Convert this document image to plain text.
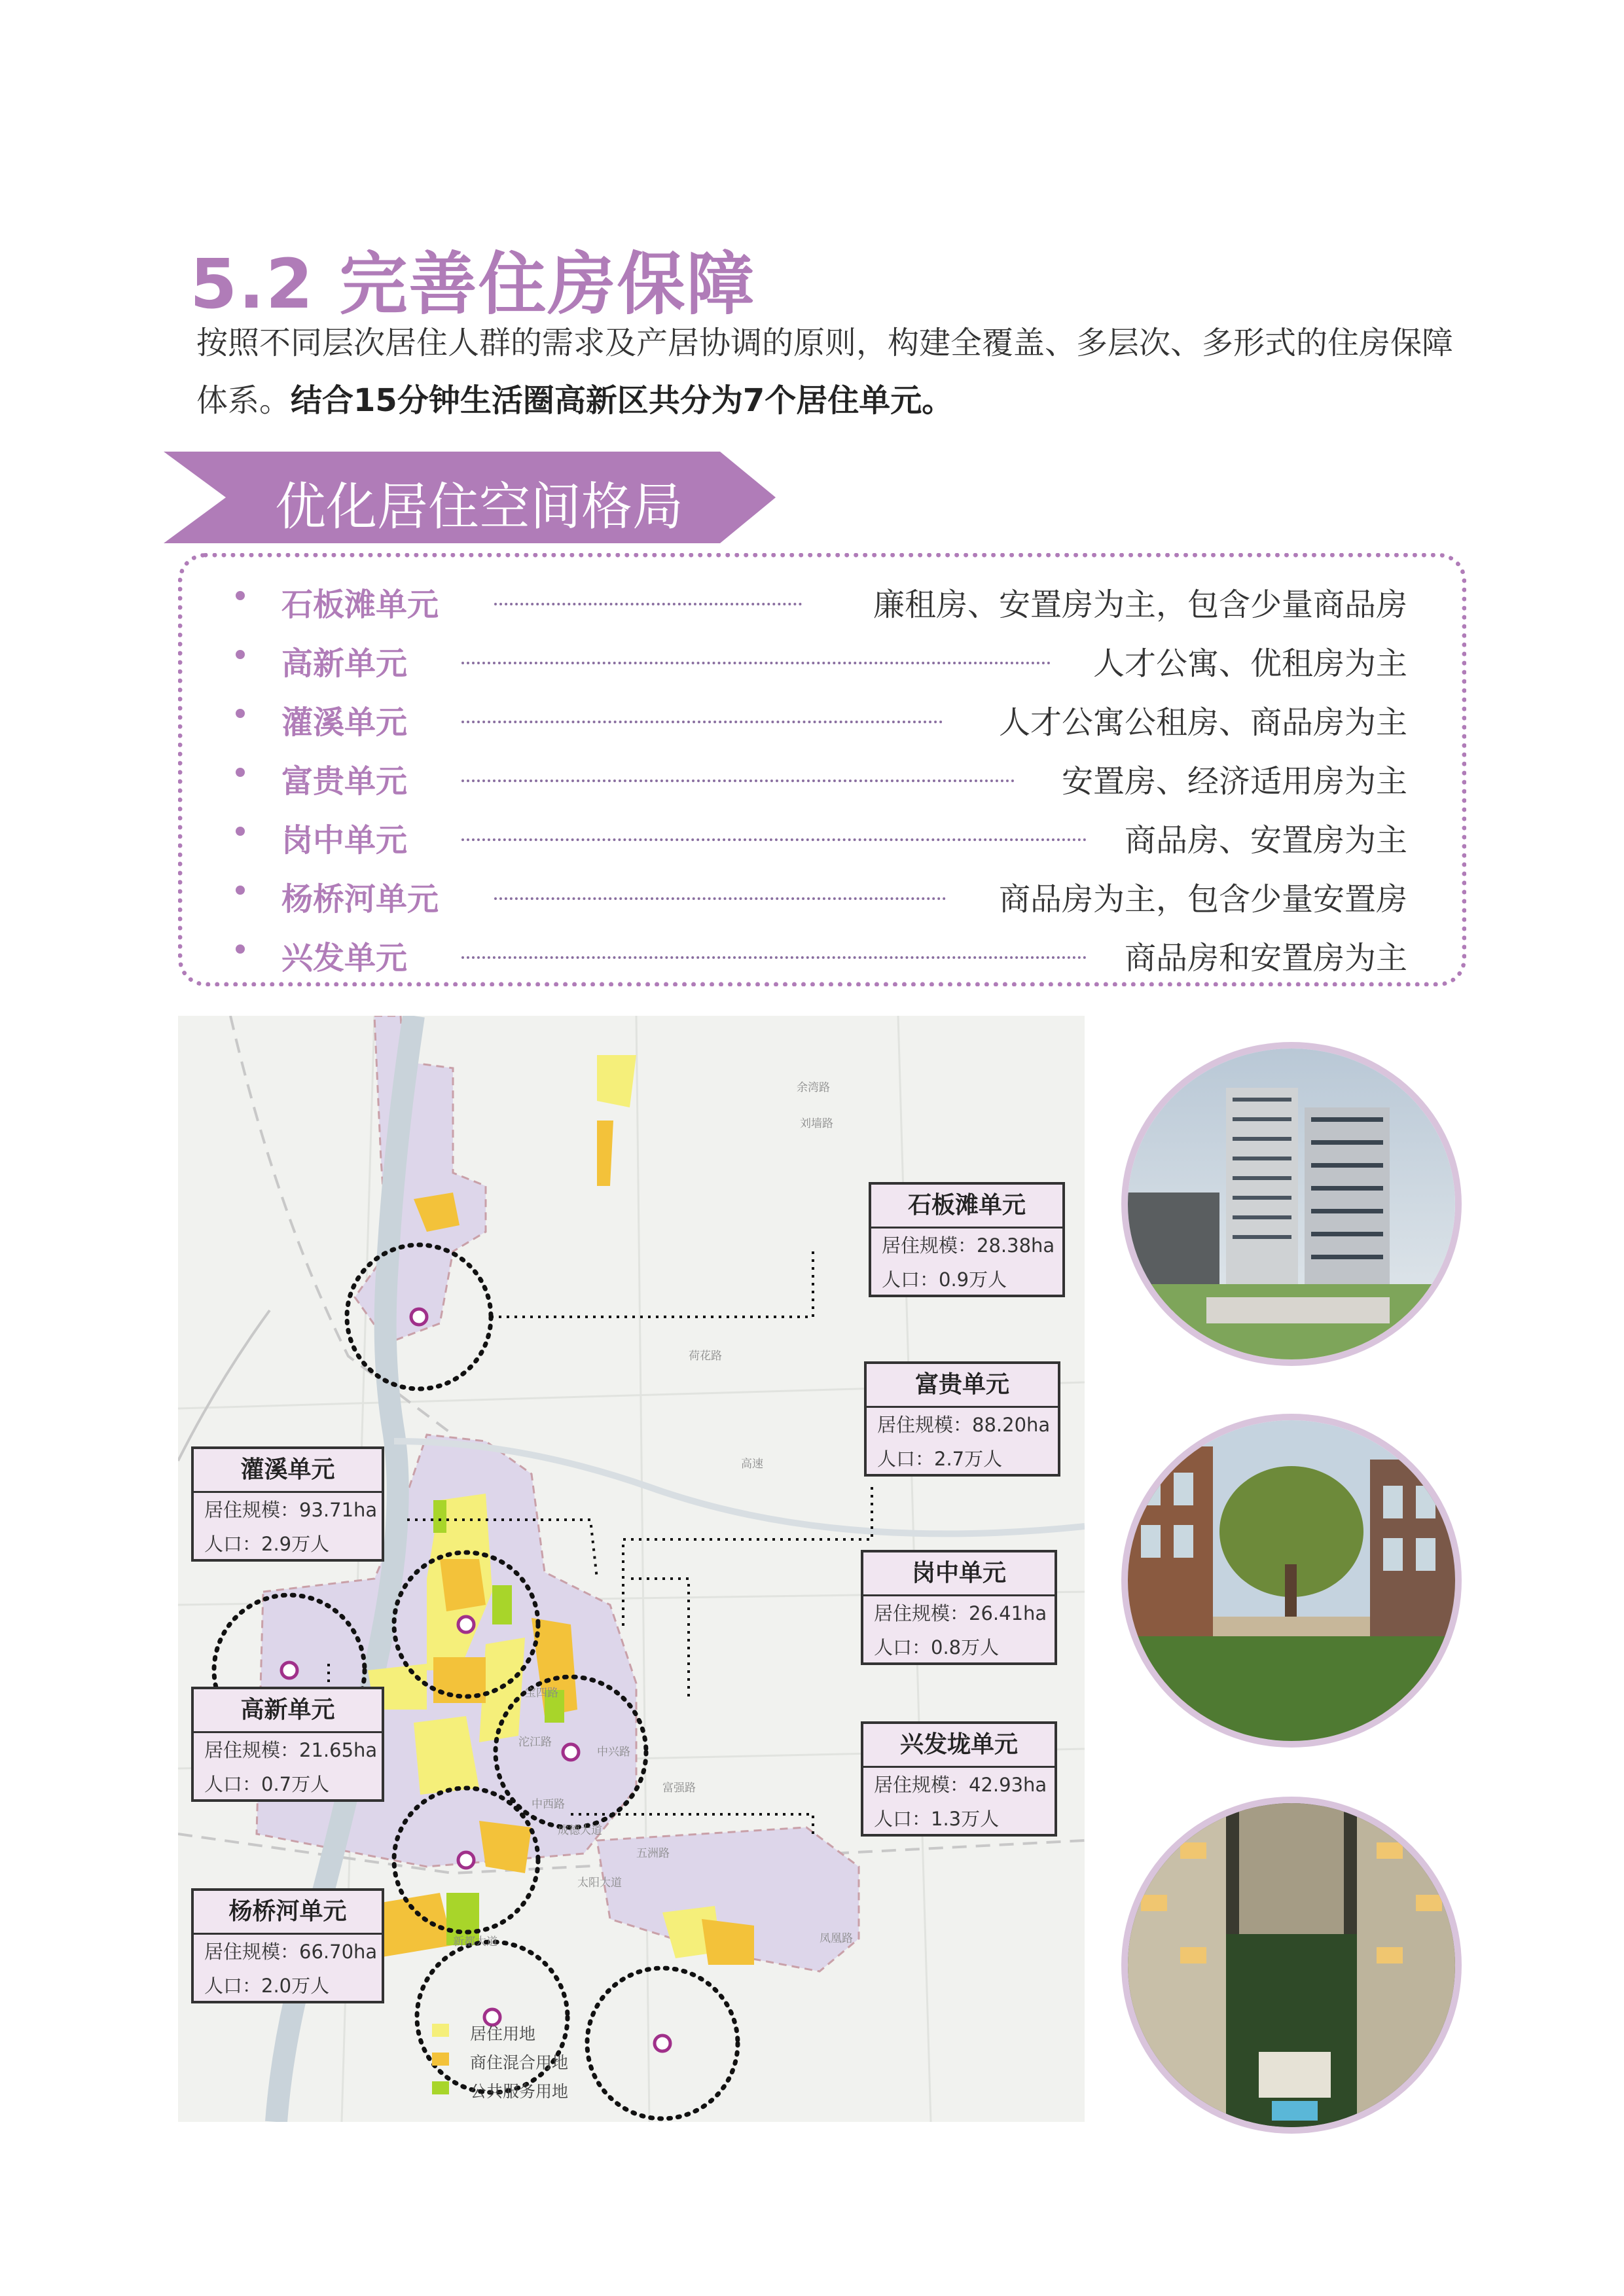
5.2 完善住房保障
按照不同层次居住人群的需求及产居协调的原则，构建全覆盖、多层次、多形式的住房保障体系。结合15分钟生活圈高新区共分为7个居住单元。
优化居住空间格局
石板滩单元	廉租房、安置房为主，包含少量商品房
高新单元	人才公寓、优租房为主
灌溪单元	人才公寓公租房、商品房为主
富贵单元	安置房、经济适用房为主
岗中单元	商品房、安置房为主
杨桥河单元	商品房为主，包含少量安置房
兴发单元	商品房和安置房为主
余湾路
刘墙路
荷花路
成德大道
中兴路
中西路
富强路
五洲路
太阳大道
新都大道	凤凰路
宝四路
沱江路
高速
石板滩单元
居住规模：28.38ha
人口：0.9万人
富贵单元
居住规模：88.20ha
人口：2.7万人
灌溪单元
居住规模：93.71ha
人口：2.9万人
岗中单元
居住规模：26.41ha
人口：0.8万人
高新单元
居住规模：21.65ha
人口：0.7万人
兴发垅单元
居住规模：42.93ha
人口：1.3万人
杨桥河单元
居住规模：66.70ha
人口：2.0万人
居住用地
商住混合用地
公共服务用地
